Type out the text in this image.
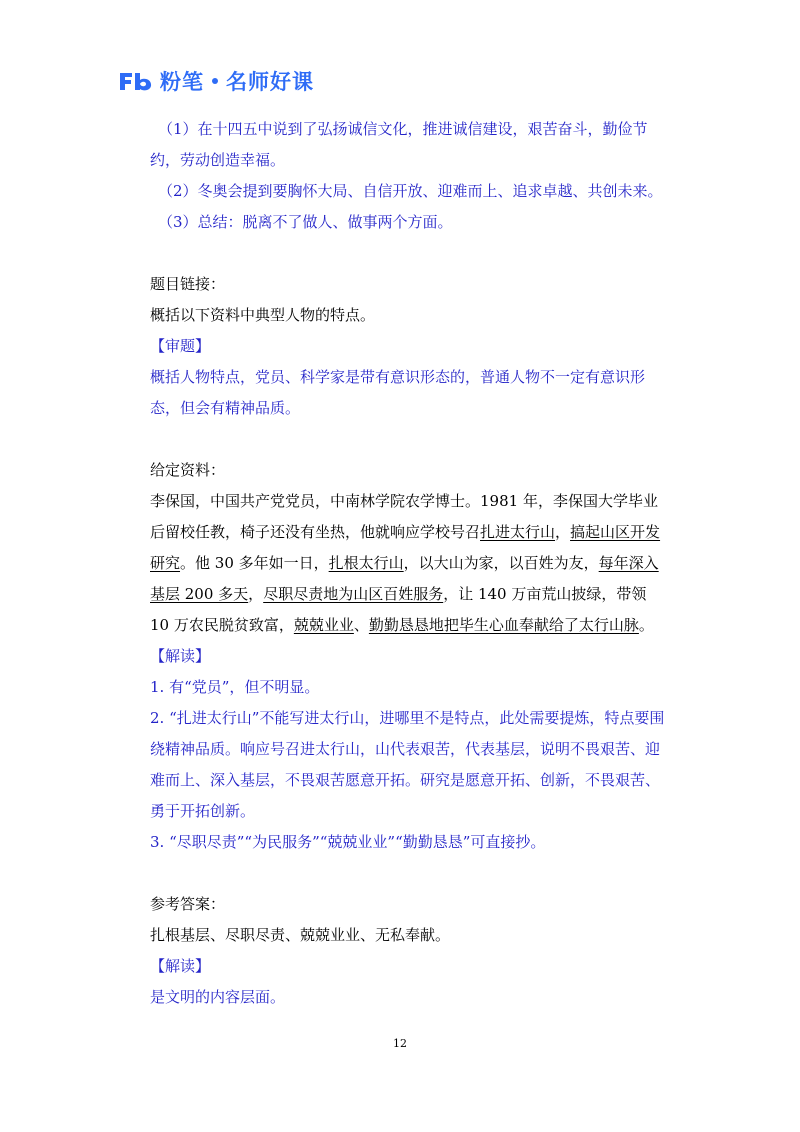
粉笔 名师好课

（1）在十四五中说到了弘扬诚信文化，推进诚信建设，艰苦奋斗，勤俭节约，劳动创造幸福。

（2）冬奥会提到要胸怀大局、自信开放、迎难而上、追求卓越、共创未来。

（3）总结：脱离不了做人、做事两个方面。

题目链接：

概括以下资料中典型人物的特点。

【审题】

概括人物特点，党员、科学家是带有意识形态的，普通人物不一定有意识形态，但会有精神品质。

给定资料：

李保国，中国共产党党员，中南林学院农学博士。1981 年，李保国大学毕业后留校任教，椅子还没有坐热，他就响应学校号召扎进太行山，搞起山区开发研究。他 30 多年如一日，扎根太行山，以大山为家，以百姓为友，每年深入基层 200 多天，尽职尽责地为山区百姓服务，让 140 万亩荒山披绿，带领 10 万农民脱贫致富，兢兢业业、勤勤恳恳地把毕生心血奉献给了太行山脉。

【解读】

1. 有“党员”，但不明显。

2. “扎进太行山”不能写进太行山，进哪里不是特点，此处需要提炼，特点要围绕精神品质。响应号召进太行山，山代表艰苦，代表基层，说明不畏艰苦、迎难而上、深入基层，不畏艰苦愿意开拓。研究是愿意开拓、创新，不畏艰苦、勇于开拓创新。

3. “尽职尽责”“为民服务”“兢兢业业”“勤勤恳恳”可直接抄。

参考答案：

扎根基层、尽职尽责、兢兢业业、无私奉献。

【解读】

是文明的内容层面。

12
